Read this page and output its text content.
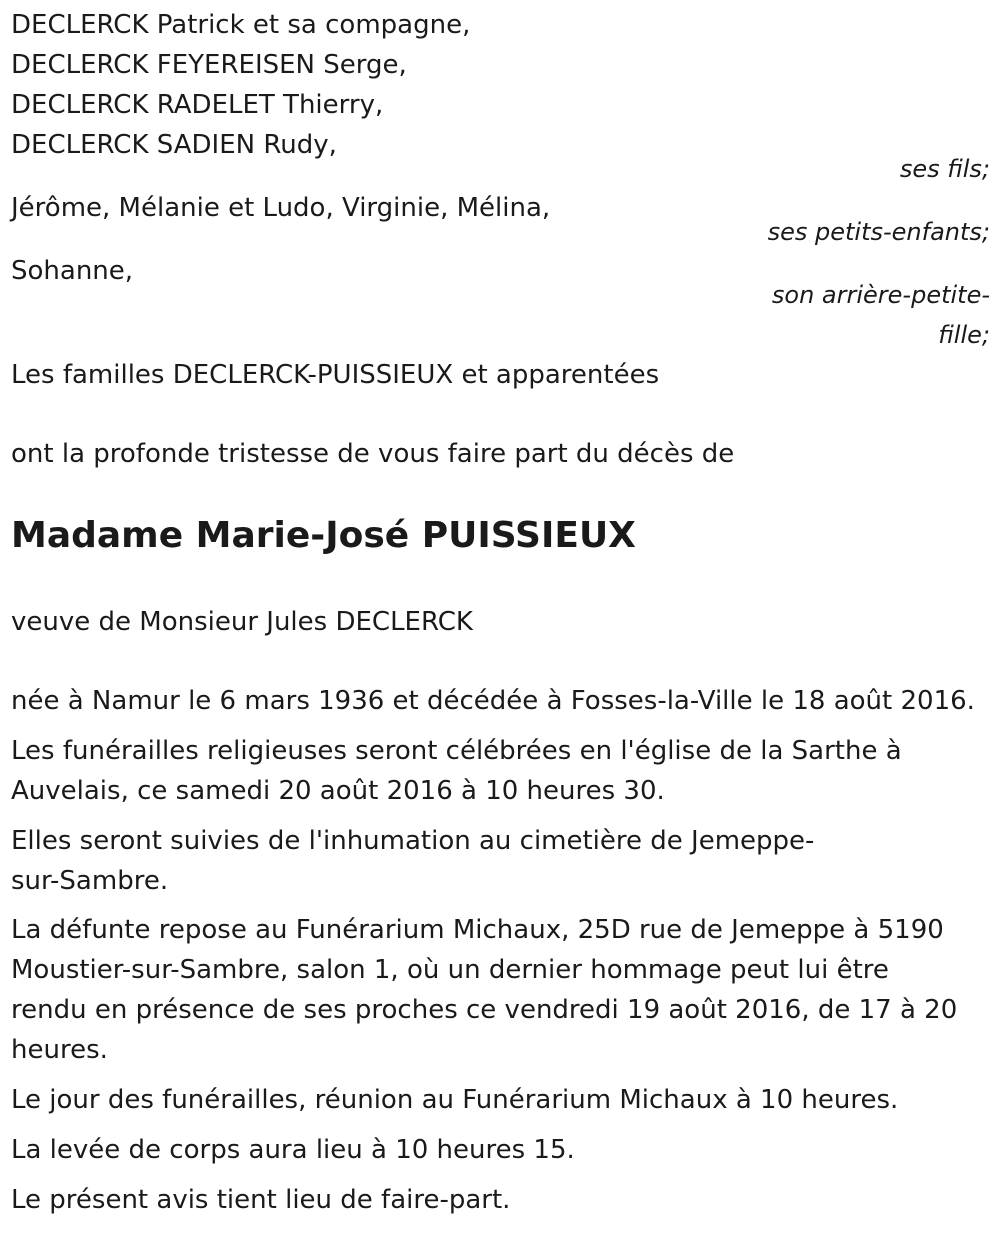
DECLERCK Patrick et sa compagne,

DECLERCK FEYEREISEN Serge,

DECLERCK RADELET Thierry,

DECLERCK SADIEN Rudy,

ses fils;

Jérôme, Mélanie et Ludo, Virginie, Mélina,

ses petits-enfants;

Sohanne,

son arrière-petite-

fille;

Les familles DECLERCK-PUISSIEUX et apparentées

ont la profonde tristesse de vous faire part du décès de

Madame Marie-José PUISSIEUX

veuve de Monsieur Jules DECLERCK

née à Namur le 6 mars 1936 et décédée à Fosses-la-Ville le 18 août 2016.

Les funérailles religieuses seront célébrées en l'église de la Sarthe à

Auvelais, ce samedi 20 août 2016 à 10 heures 30.

Elles seront suivies de l'inhumation au cimetière de Jemeppe-

sur-Sambre.

La défunte repose au Funérarium Michaux, 25D rue de Jemeppe à 5190

Moustier-sur-Sambre, salon 1, où un dernier hommage peut lui être

rendu en présence de ses proches ce vendredi 19 août 2016, de 17 à 20

heures.

Le jour des funérailles, réunion au Funérarium Michaux à 10 heures.

La levée de corps aura lieu à 10 heures 15.

Le présent avis tient lieu de faire-part.
